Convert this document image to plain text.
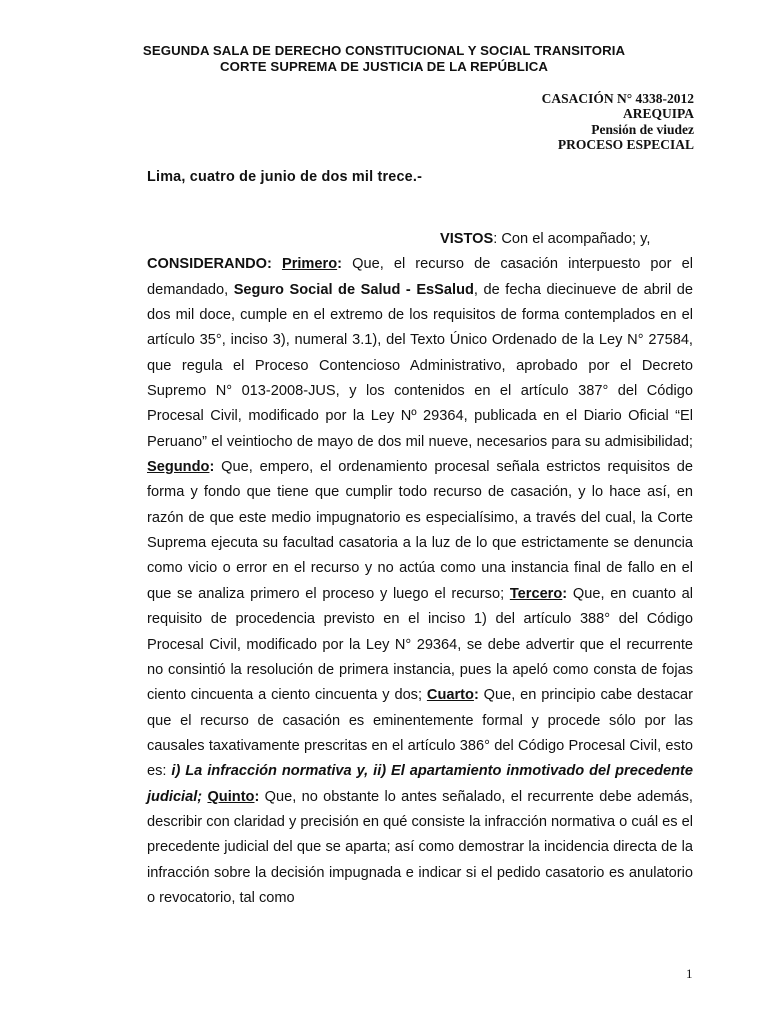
SEGUNDA SALA DE DERECHO CONSTITUCIONAL Y SOCIAL TRANSITORIA
CORTE SUPREMA DE JUSTICIA DE LA REPÚBLICA
CASACIÓN N° 4338-2012
AREQUIPA
Pensión de viudez
PROCESO ESPECIAL
Lima, cuatro de junio de dos mil trece.-
VISTOS: Con el acompañado; y,
CONSIDERANDO: Primero: Que, el recurso de casación interpuesto por el demandado, Seguro Social de Salud - EsSalud, de fecha diecinueve de abril de dos mil doce, cumple en el extremo de los requisitos de forma contemplados en el artículo 35°, inciso 3), numeral 3.1), del Texto Único Ordenado de la Ley N° 27584, que regula el Proceso Contencioso Administrativo, aprobado por el Decreto Supremo N° 013-2008-JUS, y los contenidos en el artículo 387° del Código Procesal Civil, modificado por la Ley Nº 29364, publicada en el Diario Oficial “El Peruano” el veintiocho de mayo de dos mil nueve, necesarios para su admisibilidad; Segundo: Que, empero, el ordenamiento procesal señala estrictos requisitos de forma y fondo que tiene que cumplir todo recurso de casación, y lo hace así, en razón de que este medio impugnatorio es especialísimo, a través del cual, la Corte Suprema ejecuta su facultad casatoria a la luz de lo que estrictamente se denuncia como vicio o error en el recurso y no actúa como una instancia final de fallo en el que se analiza primero el proceso y luego el recurso; Tercero: Que, en cuanto al requisito de procedencia previsto en el inciso 1) del artículo 388° del Código Procesal Civil, modificado por la Ley N° 29364, se debe advertir que el recurrente no consintió la resolución de primera instancia, pues la apeló como consta de fojas ciento cincuenta a ciento cincuenta y dos; Cuarto: Que, en principio cabe destacar que el recurso de casación es eminentemente formal y procede sólo por las causales taxativamente prescritas en el artículo 386° del Código Procesal Civil, esto es: i) La infracción normativa y, ii) El apartamiento inmotivado del precedente judicial; Quinto: Que, no obstante lo antes señalado, el recurrente debe además, describir con claridad y precisión en qué consiste la infracción normativa o cuál es el precedente judicial del que se aparta; así como demostrar la incidencia directa de la infracción sobre la decisión impugnada e indicar si el pedido casatorio es anulatorio o revocatorio, tal como
1
